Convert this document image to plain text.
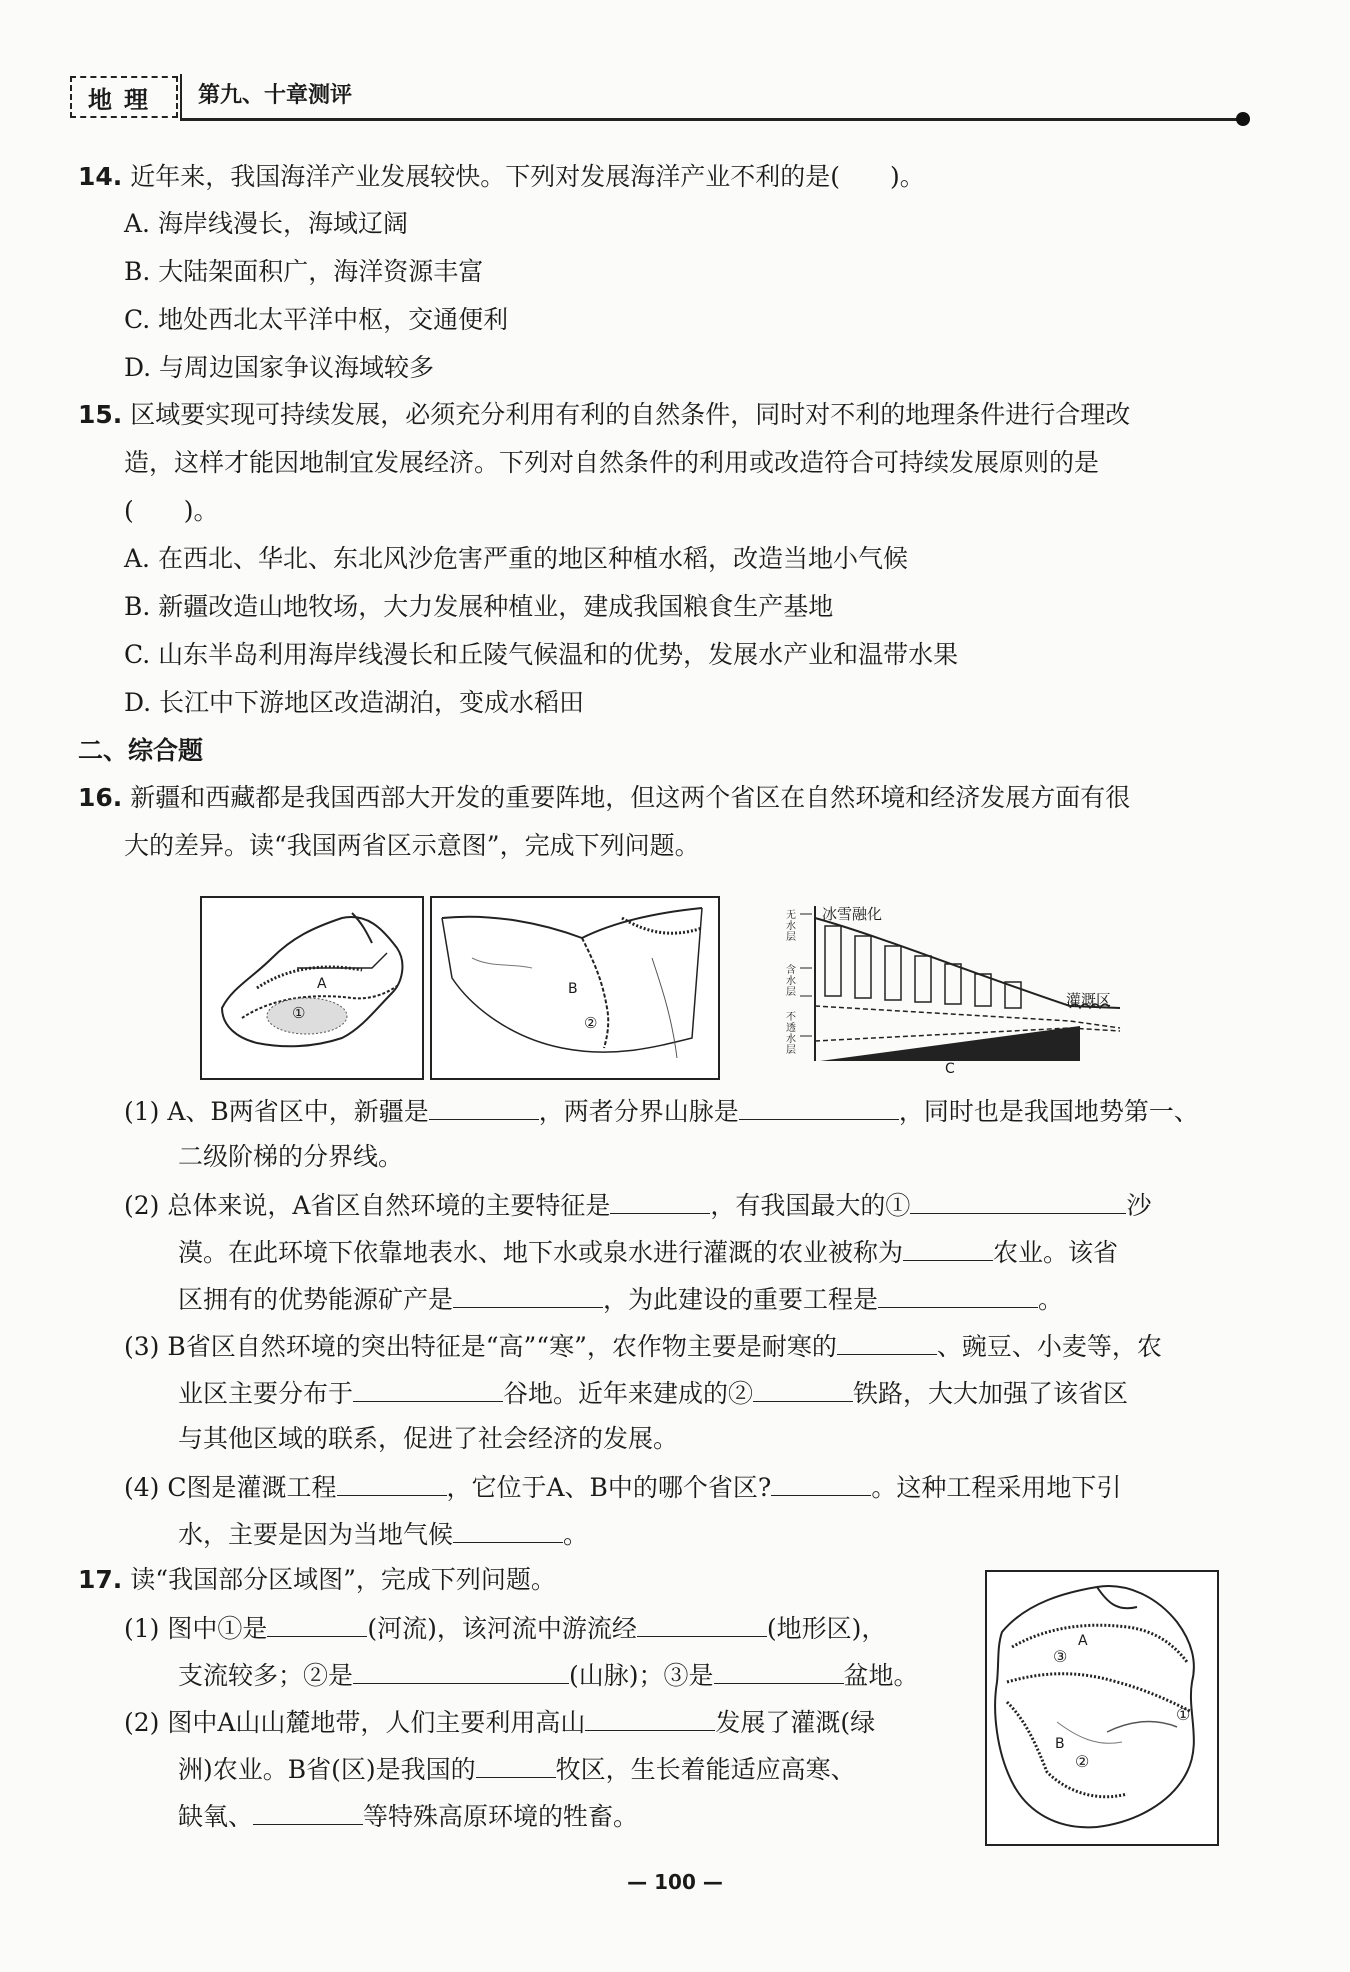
地理	第九、十章测评
14. 近年来，我国海洋产业发展较快。下列对发展海洋产业不利的是(　　)。
A. 海岸线漫长，海域辽阔
B. 大陆架面积广，海洋资源丰富
C. 地处西北太平洋中枢，交通便利
D. 与周边国家争议海域较多
15. 区域要实现可持续发展，必须充分利用有利的自然条件，同时对不利的地理条件进行合理改
造，这样才能因地制宜发展经济。下列对自然条件的利用或改造符合可持续发展原则的是
(　　)。
A. 在西北、华北、东北风沙危害严重的地区种植水稻，改造当地小气候
B. 新疆改造山地牧场，大力发展种植业，建成我国粮食生产基地
C. 山东半岛利用海岸线漫长和丘陵气候温和的优势，发展水产业和温带水果
D. 长江中下游地区改造湖泊，变成水稻田
二、综合题
16. 新疆和西藏都是我国西部大开发的重要阵地，但这两个省区在自然环境和经济发展方面有很
大的差异。读“我国两省区示意图”，完成下列问题。
①
A	B
②
冰雪融化
灌溉区
C
无水层
含水层
不透水层
(1) A、B两省区中，新疆是	，两者分界山脉是	，同时也是我国地势第一、
二级阶梯的分界线。
(2) 总体来说，A省区自然环境的主要特征是	，有我国最大的①	沙
漠。在此环境下依靠地表水、地下水或泉水进行灌溉的农业被称为	农业。该省
区拥有的优势能源矿产是	，为此建设的重要工程是	。
(3) B省区自然环境的突出特征是“高”“寒”，农作物主要是耐寒的	、豌豆、小麦等，农
业区主要分布于	谷地。近年来建成的②	铁路，大大加强了该省区
与其他区域的联系，促进了社会经济的发展。
(4) C图是灌溉工程	，它位于A、B中的哪个省区?	。这种工程采用地下引
水，主要是因为当地气候	。
17. 读“我国部分区域图”，完成下列问题。
(1) 图中①是	(河流)，该河流中游流经	(地形区)，
支流较多；②是	(山脉)；③是	盆地。
(2) 图中A山山麓地带，人们主要利用高山	发展了灌溉(绿
洲)农业。B省(区)是我国的	牧区，生长着能适应高寒、
缺氧、	等特殊高原环境的牲畜。
A
③
①
B
②
— 100 —
